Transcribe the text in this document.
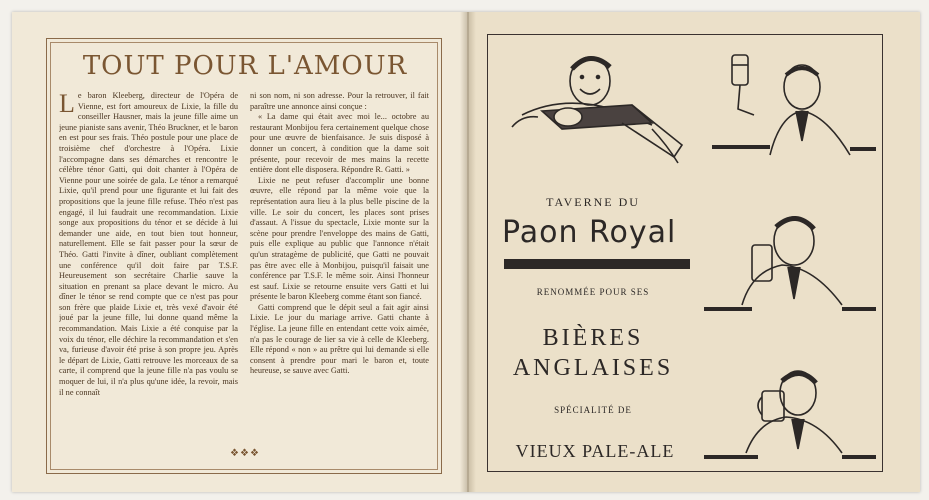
TOUT POUR L'AMOUR

Le baron Kleeberg, directeur de l'Opéra de Vienne, est fort amoureux de Lixie, la fille du conseiller Hausner, mais la jeune fille aime un jeune pianiste sans avenir, Théo Bruckner, et le baron en est pour ses frais. Théo postule pour une place de troisième chef d'orchestre à l'Opéra. Lixie l'accompagne dans ses démarches et rencontre le célèbre ténor Gatti, qui doit chanter à l'Opéra de Vienne pour une soirée de gala. Le ténor a remarqué Lixie, qu'il prend pour une figurante et lui fait des propositions que la jeune fille refuse. Théo n'est pas engagé, il lui faudrait une recommandation. Lixie songe aux propositions du ténor et se décide à lui demander une aide, en tout bien tout honneur, naturellement. Elle se fait passer pour la sœur de Théo. Gatti l'invite à dîner, oubliant complètement une conférence qu'il doit faire par T.S.F. Heureusement son secrétaire Charlie sauve la situation en prenant sa place devant le micro. Au dîner le ténor se rend compte que ce n'est pas pour son frère que plaide Lixie et, très vexé d'avoir été joué par la jeune fille, lui donne quand même la recommandation. Mais Lixie a été conquise par la voix du ténor, elle déchire la recommandation et s'en va, furieuse d'avoir été prise à son propre jeu. Après le départ de Lixie, Gatti retrouve les morceaux de sa carte, il comprend que la jeune fille n'a pas voulu se moquer de lui, il n'a plus qu'une idée, la revoir, mais il ne connaît

ni son nom, ni son adresse. Pour la retrouver, il fait paraître une annonce ainsi conçue :

« La dame qui était avec moi le... octobre au restaurant Monbijou fera certainement quelque chose pour une œuvre de bienfaisance. Je suis disposé à donner un concert, à condition que la dame soit présente, pour recevoir de mes mains la recette entière dont elle disposera. Répondre R. Gatti. »

Lixie ne peut refuser d'accomplir une bonne œuvre, elle répond par la même voie que la représentation aura lieu à la plus belle piscine de la ville. Le soir du concert, les places sont prises d'assaut. A l'issue du spectacle, Lixie monte sur la scène pour prendre l'enveloppe des mains de Gatti, puis elle explique au public que l'annonce n'était qu'un stratagème de publicité, que Gatti ne pouvait pas être avec elle à Monbijou, puisqu'il faisait une conférence par T.S.F. le même soir. Ainsi l'honneur est sauf. Lixie se retourne ensuite vers Gatti et lui présente le baron Kleeberg comme étant son fiancé.

Gatti comprend que le dépit seul a fait agir ainsi Lixie. Le jour du mariage arrive. Gatti chante à l'église. La jeune fille en entendant cette voix aimée, n'a pas le courage de lier sa vie à celle de Kleeberg. Elle répond « non » au prêtre qui lui demande si elle consent à prendre pour mari le baron et, toute heureuse, se sauve avec Gatti.

❖❖❖
TAVERNE DU
Paon Royal
RENOMMÉE POUR SES
BIÈRES
ANGLAISES
SPÉCIALITÉ DE
VIEUX PALE-ALE
